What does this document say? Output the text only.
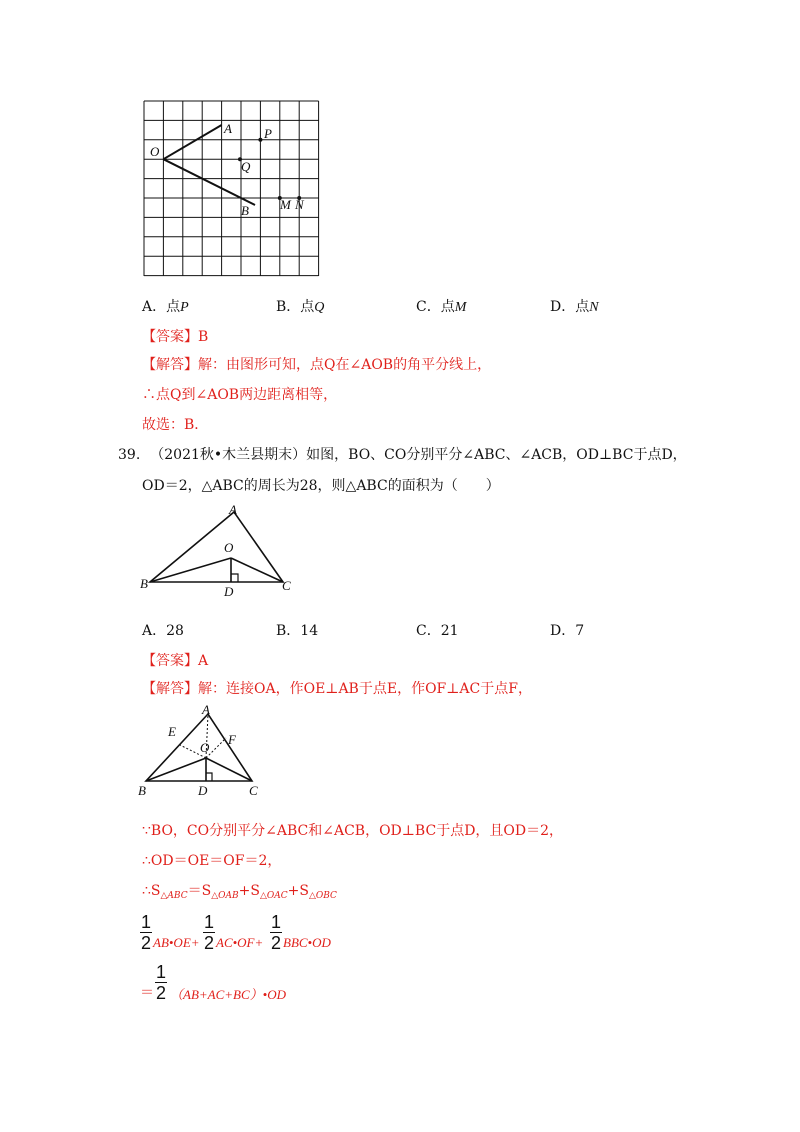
O
A P
Q
B M N
A．点P	B．点Q	C．点M	D．点N
【答案】B
【解答】解：由图形可知，点Q在∠AOB的角平分线上，
∴点Q到∠AOB两边距离相等，
故选：B．
39. （2021秋•木兰县期末）如图，BO、CO分别平分∠ABC、∠ACB，OD⊥BC于点D，
OD＝2，△ABC的周长为28，则△ABC的面积为（　　）
A
O
B	C
D
A．28	B．14	C．21	D．7
【答案】A
【解答】解：连接OA，作OE⊥AB于点E，作OF⊥AC于点F，
A
E
F
O
B	D	C
∵BO，CO分别平分∠ABC和∠ACB，OD⊥BC于点D，且OD＝2，
∴OD＝OE＝OF＝2，
$\therefore S_{\triangle ABC}=S_{\triangle OAB}+S_{\triangle OAC}+S_{\triangle OBC}$
$\frac{1}{2}$ AB•OE+ $\frac{1}{2}$ AC•OF+ $\frac{1}{2}$ BBC•OD
＝ $\frac{1}{2}$ （AB+AC+BC）•OD
